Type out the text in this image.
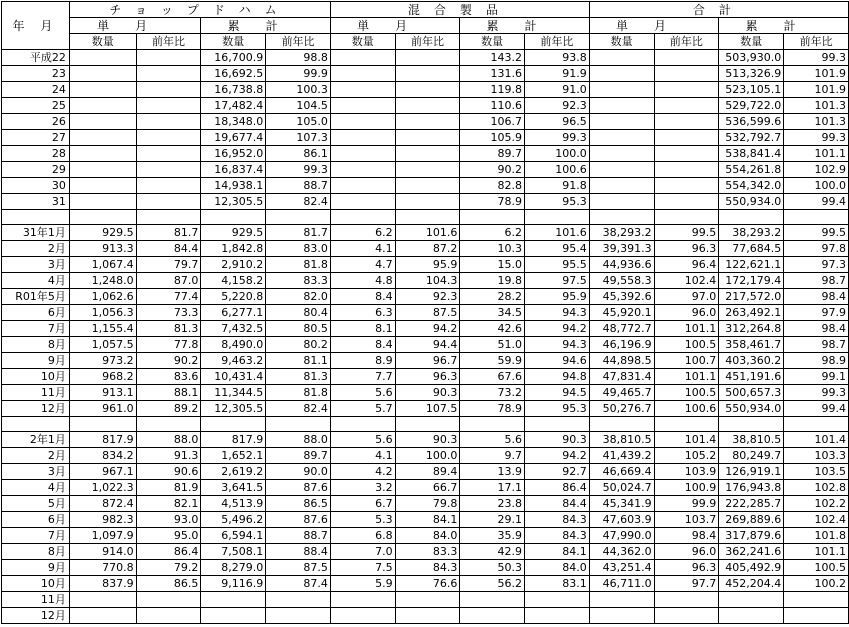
年 月	チョップドハム				混合製品				合計			
	単月		累計		単月		累計		単月		累計	
	数量	前年比	数量	前年比	数量	前年比	数量	前年比	数量	前年比	数量	前年比
平成22			16,700.9	98.8			143.2	93.8			503,930.0	99.3
23			16,692.5	99.9			131.6	91.9			513,326.9	101.9
24			16,738.8	100.3			119.8	91.0			523,105.1	101.9
25			17,482.4	104.5			110.6	92.3			529,722.0	101.3
26			18,348.0	105.0			106.7	96.5			536,599.6	101.3
27			19,677.4	107.3			105.9	99.3			532,792.7	99.3
28			16,952.0	86.1			89.7	100.0			538,841.4	101.1
29			16,837.4	99.3			90.2	100.6			554,261.8	102.9
30			14,938.1	88.7			82.8	91.8			554,342.0	100.0
31			12,305.5	82.4			78.9	95.3			550,934.0	99.4

31年1月	929.5	81.7	929.5	81.7	6.2	101.6	6.2	101.6	38,293.2	99.5	38,293.2	99.5
2月	913.3	84.4	1,842.8	83.0	4.1	87.2	10.3	95.4	39,391.3	96.3	77,684.5	97.8
3月	1,067.4	79.7	2,910.2	81.8	4.7	95.9	15.0	95.5	44,936.6	96.4	122,621.1	97.3
4月	1,248.0	87.0	4,158.2	83.3	4.8	104.3	19.8	97.5	49,558.3	102.4	172,179.4	98.7
R01年5月	1,062.6	77.4	5,220.8	82.0	8.4	92.3	28.2	95.9	45,392.6	97.0	217,572.0	98.4
6月	1,056.3	73.3	6,277.1	80.4	6.3	87.5	34.5	94.3	45,920.1	96.0	263,492.1	97.9
7月	1,155.4	81.3	7,432.5	80.5	8.1	94.2	42.6	94.2	48,772.7	101.1	312,264.8	98.4
8月	1,057.5	77.8	8,490.0	80.2	8.4	94.4	51.0	94.3	46,196.9	100.5	358,461.7	98.7
9月	973.2	90.2	9,463.2	81.1	8.9	96.7	59.9	94.6	44,898.5	100.7	403,360.2	98.9
10月	968.2	83.6	10,431.4	81.3	7.7	96.3	67.6	94.8	47,831.4	101.1	451,191.6	99.1
11月	913.1	88.1	11,344.5	81.8	5.6	90.3	73.2	94.5	49,465.7	100.5	500,657.3	99.3
12月	961.0	89.2	12,305.5	82.4	5.7	107.5	78.9	95.3	50,276.7	100.6	550,934.0	99.4

2年1月	817.9	88.0	817.9	88.0	5.6	90.3	5.6	90.3	38,810.5	101.4	38,810.5	101.4
2月	834.2	91.3	1,652.1	89.7	4.1	100.0	9.7	94.2	41,439.2	105.2	80,249.7	103.3
3月	967.1	90.6	2,619.2	90.0	4.2	89.4	13.9	92.7	46,669.4	103.9	126,919.1	103.5
4月	1,022.3	81.9	3,641.5	87.6	3.2	66.7	17.1	86.4	50,024.7	100.9	176,943.8	102.8
5月	872.4	82.1	4,513.9	86.5	6.7	79.8	23.8	84.4	45,341.9	99.9	222,285.7	102.2
6月	982.3	93.0	5,496.2	87.6	5.3	84.1	29.1	84.3	47,603.9	103.7	269,889.6	102.4
7月	1,097.9	95.0	6,594.1	88.7	6.8	84.0	35.9	84.3	47,990.0	98.4	317,879.6	101.8
8月	914.0	86.4	7,508.1	88.4	7.0	83.3	42.9	84.1	44,362.0	96.0	362,241.6	101.1
9月	770.8	79.2	8,279.0	87.5	7.5	84.3	50.3	84.0	43,251.4	96.3	405,492.9	100.5
10月	837.9	86.5	9,116.9	87.4	5.9	76.6	56.2	83.1	46,711.0	97.7	452,204.4	100.2
11月												
12月												
